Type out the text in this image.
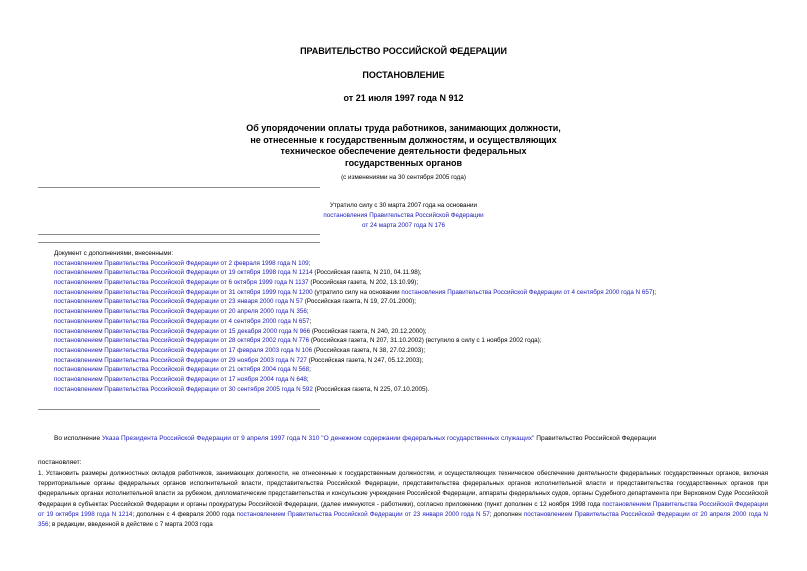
ПРАВИТЕЛЬСТВО РОССИЙСКОЙ ФЕДЕРАЦИИ
ПОСТАНОВЛЕНИЕ
от 21 июля 1997 года N 912
Об упорядочении оплаты труда работников, занимающих должности,
не отнесенные к государственным должностям, и осуществляющих
техническое обеспечение деятельности федеральных
государственных органов
(с изменениями на 30 сентября 2005 года)
Утратило силу с 30 марта 2007 года на основании
постановления Правительства Российской Федерации
от 24 марта 2007 года N 176
Документ с дополнениями, внесенными:
постановлением Правительства Российской Федерации от 2 февраля 1998 года N 109;
постановлением Правительства Российской Федерации от 19 октября 1998 года N 1214 (Российская газета, N 210, 04.11.98);
постановлением Правительства Российской Федерации от 6 октября 1999 года N 1137 (Российская газета, N 202, 13.10.99);
постановлением Правительства Российской Федерации от 31 октября 1999 года N 1200 (утратило силу на основании постановления Правительства Российской Федерации от 4 сентября 2000 года N 657);
постановлением Правительства Российской Федерации от 23 января 2000 года N 57 (Российская газета, N 19, 27.01.2000);
постановлением Правительства Российской Федерации от 20 апреля 2000 года N 356;
постановлением Правительства Российской Федерации от 4 сентября 2000 года N 657;
постановлением Правительства Российской Федерации от 15 декабря 2000 года N 966 (Российская газета, N 240, 20.12.2000);
постановлением Правительства Российской Федерации от 28 октября 2002 года N 776 (Российская газета, N 207, 31.10.2002) (вступило в силу с 1 ноября 2002 года);
постановлением Правительства Российской Федерации от 17 февраля 2003 года N 106 (Российская газета, N 38, 27.02.2003);
постановлением Правительства Российской Федерации от 29 ноября 2003 года N 727 (Российская газета, N 247, 05.12.2003);
постановлением Правительства Российской Федерации от 21 октября 2004 года N 568;
постановлением Правительства Российской Федерации от 17 ноября 2004 года N 648;
постановлением Правительства Российской Федерации от 30 сентября 2005 года N 592 (Российская газета, N 225, 07.10.2005).
Во исполнение Указа Президента Российской Федерации от 9 апреля 1997 года N 310 "О денежном содержании федеральных государственных служащих" Правительство Российской Федерации
постановляет:
1. Установить размеры должностных окладов работников, занимающих должности, не отнесенные к государственным должностям, и осуществляющих техническое обеспечение деятельности федеральных государственных органов, включая территориальные органы федеральных органов исполнительной власти, представительства Российской Федерации, представительства федеральных органов исполнительной власти и представительства государственных органов при федеральных органах исполнительной власти за рубежом, дипломатические представительства и консульские учреждения Российской Федерации, аппараты федеральных судов, органы Судебного департамента при Верховном Суде Российской Федерации в субъектах Российской Федерации и органы прокуратуры Российской Федерации, (далее именуются - работники), согласно приложению (пункт дополнен с 12 ноября 1998 года постановлением Правительства Российской Федерации от 19 октября 1998 года N 1214; дополнен с 4 февраля 2000 года постановлением Правительства Российской Федерации от 23 января 2000 года N 57; дополнен постановлением Правительства Российской Федерации от 20 апреля 2000 года N 356; в редакции, введенной в действие с 7 марта 2003 года
